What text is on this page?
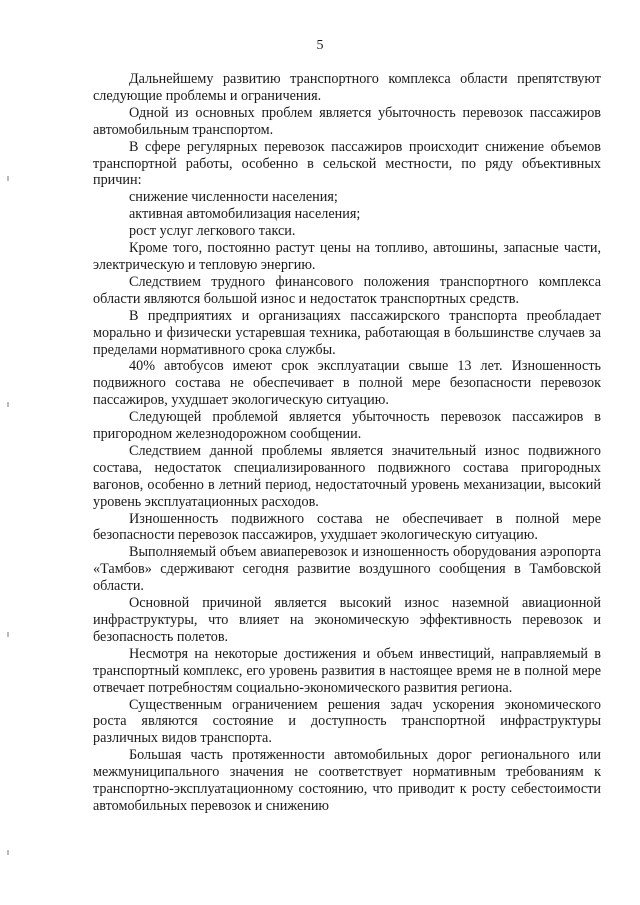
5

Дальнейшему развитию транспортного комплекса области препятствуют следующие проблемы и ограничения.

Одной из основных проблем является убыточность перевозок пассажиров автомобильным транспортом.

В сфере регулярных перевозок пассажиров происходит снижение объемов транспортной работы, особенно в сельской местности, по ряду объективных причин:

снижение численности населения;

активная автомобилизация населения;

рост услуг легкового такси.

Кроме того, постоянно растут цены на топливо, автошины, запасные части, электрическую и тепловую энергию.

Следствием трудного финансового положения транспортного комплекса области являются большой износ и недостаток транспортных средств.

В предприятиях и организациях пассажирского транспорта преобладает морально и физически устаревшая техника, работающая в большинстве случаев за пределами нормативного срока службы.

40% автобусов имеют срок эксплуатации свыше 13 лет. Изношенность подвижного состава не обеспечивает в полной мере безопасности перевозок пассажиров, ухудшает экологическую ситуацию.

Следующей проблемой является убыточность перевозок пассажиров в пригородном железнодорожном сообщении.

Следствием данной проблемы является значительный износ подвижного состава, недостаток специализированного подвижного состава пригородных вагонов, особенно в летний период, недостаточный уровень механизации, высокий уровень эксплуатационных расходов.

Изношенность подвижного состава не обеспечивает в полной мере безопасности перевозок пассажиров, ухудшает экологическую ситуацию.

Выполняемый объем авиаперевозок и изношенность оборудования аэропорта «Тамбов» сдерживают сегодня развитие воздушного сообщения в Тамбовской области.

Основной причиной является высокий износ наземной авиационной инфраструктуры, что влияет на экономическую эффективность перевозок и безопасность полетов.

Несмотря на некоторые достижения и объем инвестиций, направляемый в транспортный комплекс, его уровень развития в настоящее время не в полной мере отвечает потребностям социально-экономического развития региона.

Существенным ограничением решения задач ускорения экономического роста являются состояние и доступность транспортной инфраструктуры различных видов транспорта.

Большая часть протяженности автомобильных дорог регионального или межмуниципального значения не соответствует нормативным требованиям к транспортно-эксплуатационному состоянию, что приводит к росту себестоимости автомобильных перевозок и снижению
